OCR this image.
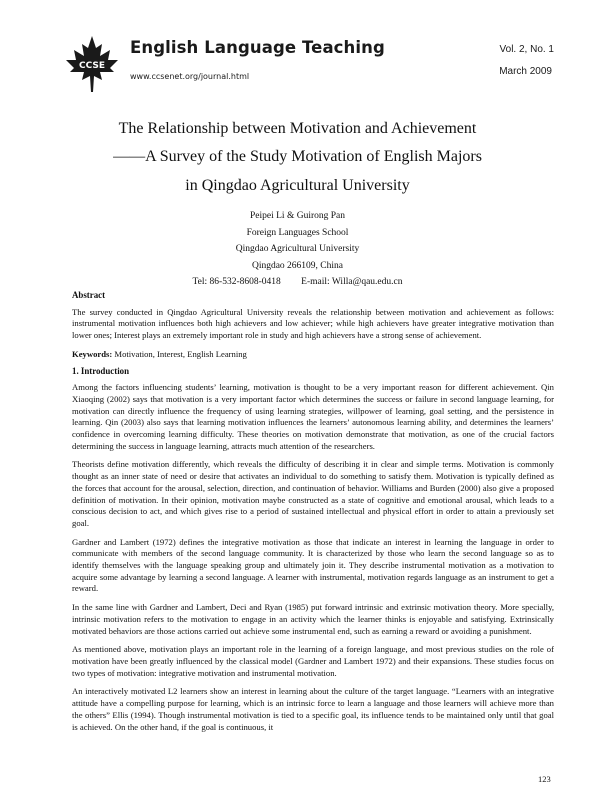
CCSE
English Language Teaching
www.ccsenet.org/journal.html
Vol. 2, No. 1
March 2009
The Relationship between Motivation and Achievement
——A Survey of the Study Motivation of English Majors
in Qingdao Agricultural University
Peipei Li & Guirong Pan
Foreign Languages School
Qingdao Agricultural University
Qingdao 266109, China
Tel: 86-532-8608-0418 E-mail: Willa@qau.edu.cn
Abstract

The survey conducted in Qingdao Agricultural University reveals the relationship between motivation and achievement as follows: instrumental motivation influences both high achievers and low achiever; while high achievers have greater integrative motivation than lower ones; Interest plays an extremely important role in study and high achievers have a strong sense of achievement.

Keywords: Motivation, Interest, English Learning
1. Introduction

Among the factors influencing students’ learning, motivation is thought to be a very important reason for different achievement. Qin Xiaoqing (2002) says that motivation is a very important factor which determines the success or failure in second language learning, for motivation can directly influence the frequency of using learning strategies, willpower of learning, goal setting, and the persistence in learning. Qin (2003) also says that learning motivation influences the learners’ autonomous learning ability, and determines the learners’ confidence in overcoming learning difficulty. These theories on motivation demonstrate that motivation, as one of the crucial factors determining the success in language learning, attracts much attention of the researchers.

Theorists define motivation differently, which reveals the difficulty of describing it in clear and simple terms. Motivation is commonly thought as an inner state of need or desire that activates an individual to do something to satisfy them. Motivation is typically defined as the forces that account for the arousal, selection, direction, and continuation of behavior. Williams and Burden (2000) also give a proposed definition of motivation. In their opinion, motivation maybe constructed as a state of cognitive and emotional arousal, which leads to a conscious decision to act, and which gives rise to a period of sustained intellectual and physical effort in order to attain a previously set goal.

Gardner and Lambert (1972) defines the integrative motivation as those that indicate an interest in learning the language in order to communicate with members of the second language community. It is characterized by those who learn the second language so as to identify themselves with the language speaking group and ultimately join it. They describe instrumental motivation as a motivation to acquire some advantage by learning a second language. A learner with instrumental, motivation regards language as an instrument to get a reward.

In the same line with Gardner and Lambert, Deci and Ryan (1985) put forward intrinsic and extrinsic motivation theory. More specially, intrinsic motivation refers to the motivation to engage in an activity which the learner thinks is enjoyable and satisfying. Extrinsically motivated behaviors are those actions carried out achieve some instrumental end, such as earning a reward or avoiding a punishment.

As mentioned above, motivation plays an important role in the learning of a foreign language, and most previous studies on the role of motivation have been greatly influenced by the classical model (Gardner and Lambert 1972) and their expansions. These studies focus on two types of motivation: integrative motivation and instrumental motivation.

An interactively motivated L2 learners show an interest in learning about the culture of the target language. “Learners with an integrative attitude have a compelling purpose for learning, which is an intrinsic force to learn a language and those learners will achieve more than the others” Ellis (1994). Though instrumental motivation is tied to a specific goal, its influence tends to be maintained only until that goal is achieved. On the other hand, if the goal is continuous, it

123
